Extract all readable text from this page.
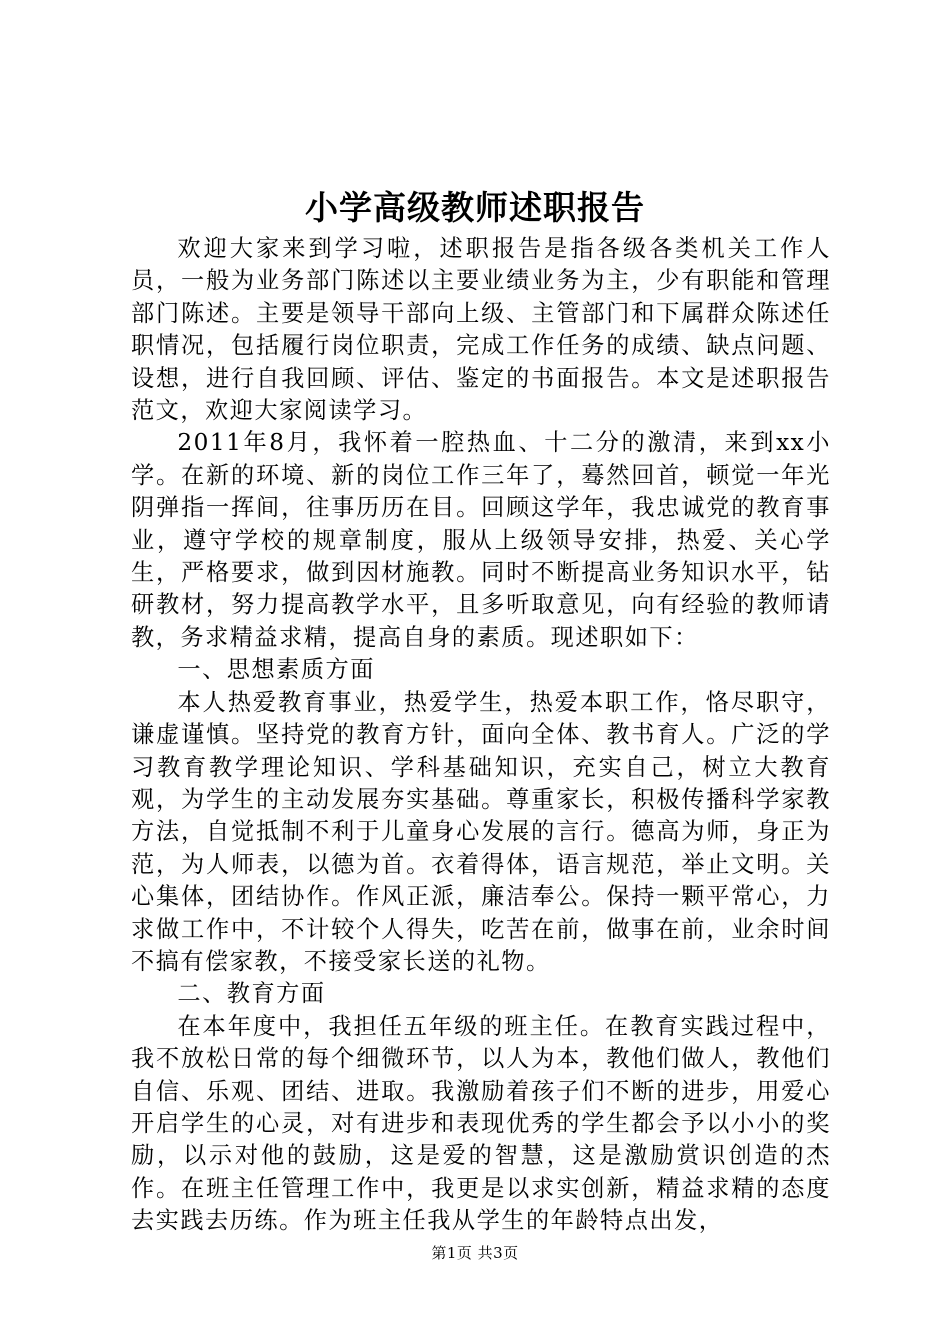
小学高级教师述职报告

欢迎大家来到学习啦，述职报告是指各级各类机关工作人员，一般为业务部门陈述以主要业绩业务为主，少有职能和管理部门陈述。主要是领导干部向上级、主管部门和下属群众陈述任职情况，包括履行岗位职责，完成工作任务的成绩、缺点问题、设想，进行自我回顾、评估、鉴定的书面报告。本文是述职报告范文，欢迎大家阅读学习。

2011年8月，我怀着一腔热血、十二分的激清，来到xx小学。在新的环境、新的岗位工作三年了，蓦然回首，顿觉一年光阴弹指一挥间，往事历历在目。回顾这学年，我忠诚党的教育事业，遵守学校的规章制度，服从上级领导安排，热爱、关心学生，严格要求，做到因材施教。同时不断提高业务知识水平，钻研教材，努力提高教学水平，且多听取意见，向有经验的教师请教，务求精益求精，提高自身的素质。现述职如下：

一、思想素质方面

本人热爱教育事业，热爱学生，热爱本职工作，恪尽职守，谦虚谨慎。坚持党的教育方针，面向全体、教书育人。广泛的学习教育教学理论知识、学科基础知识，充实自己，树立大教育观，为学生的主动发展夯实基础。尊重家长，积极传播科学家教方法，自觉抵制不利于儿童身心发展的言行。德高为师，身正为范，为人师表，以德为首。衣着得体，语言规范，举止文明。关心集体，团结协作。作风正派，廉洁奉公。保持一颗平常心，力求做工作中，不计较个人得失，吃苦在前，做事在前，业余时间不搞有偿家教，不接受家长送的礼物。

二、教育方面

在本年度中，我担任五年级的班主任。在教育实践过程中，我不放松日常的每个细微环节，以人为本，教他们做人，教他们自信、乐观、团结、进取。我激励着孩子们不断的进步，用爱心开启学生的心灵，对有进步和表现优秀的学生都会予以小小的奖励，以示对他的鼓励，这是爱的智慧，这是激励赏识创造的杰作。在班主任管理工作中，我更是以求实创新，精益求精的态度去实践去历练。作为班主任我从学生的年龄特点出发，

第1页 共3页
